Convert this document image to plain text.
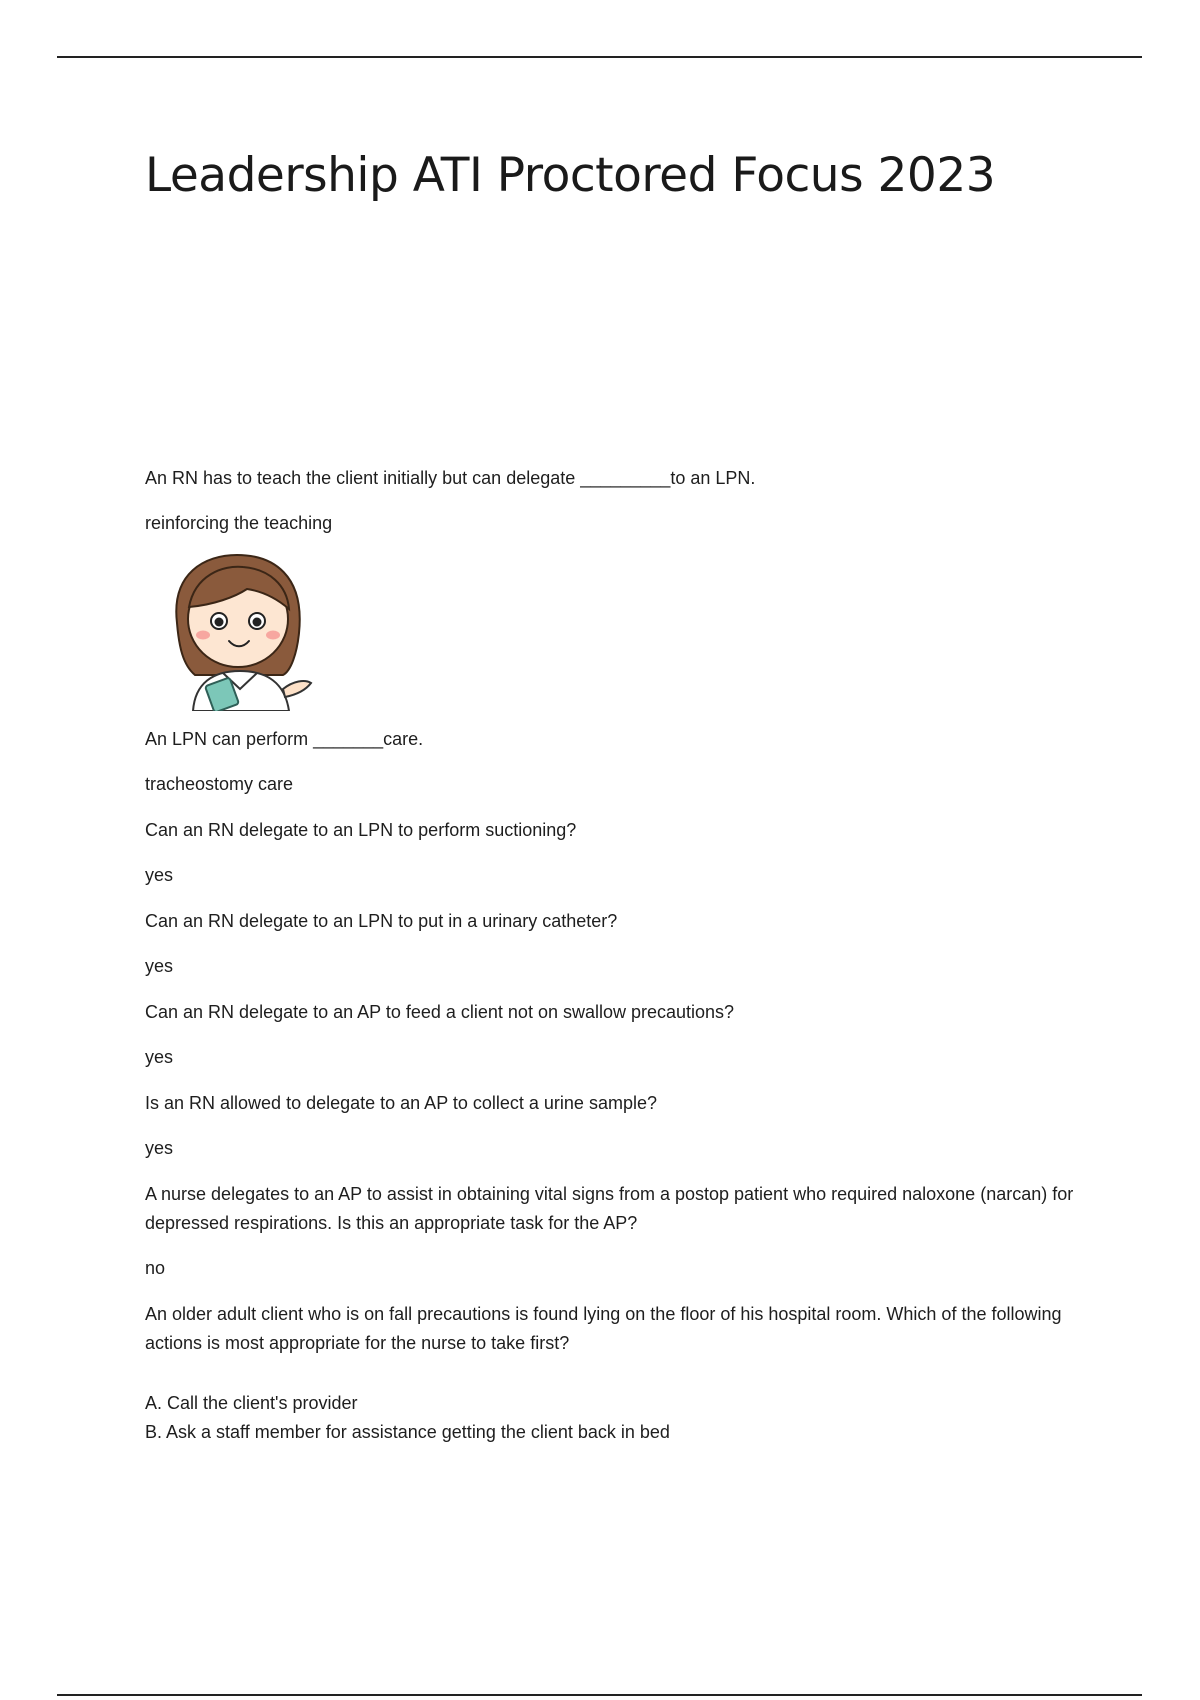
Leadership ATI Proctored Focus 2023

An RN has to teach the client initially but can delegate _________to an LPN.

reinforcing the teaching

An LPN can perform _______care.

tracheostomy care

Can an RN delegate to an LPN to perform suctioning?

yes

Can an RN delegate to an LPN to put in a urinary catheter?

yes

Can an RN delegate to an AP to feed a client not on swallow precautions?

yes

Is an RN allowed to delegate to an AP to collect a urine sample?

yes

A nurse delegates to an AP to assist in obtaining vital signs from a postop patient who required naloxone (narcan) for depressed respirations. Is this an appropriate task for the AP?

no

An older adult client who is on fall precautions is found lying on the floor of his hospital room. Which of the following actions is most appropriate for the nurse to take first?

A. Call the client's provider

B. Ask a staff member for assistance getting the client back in bed
